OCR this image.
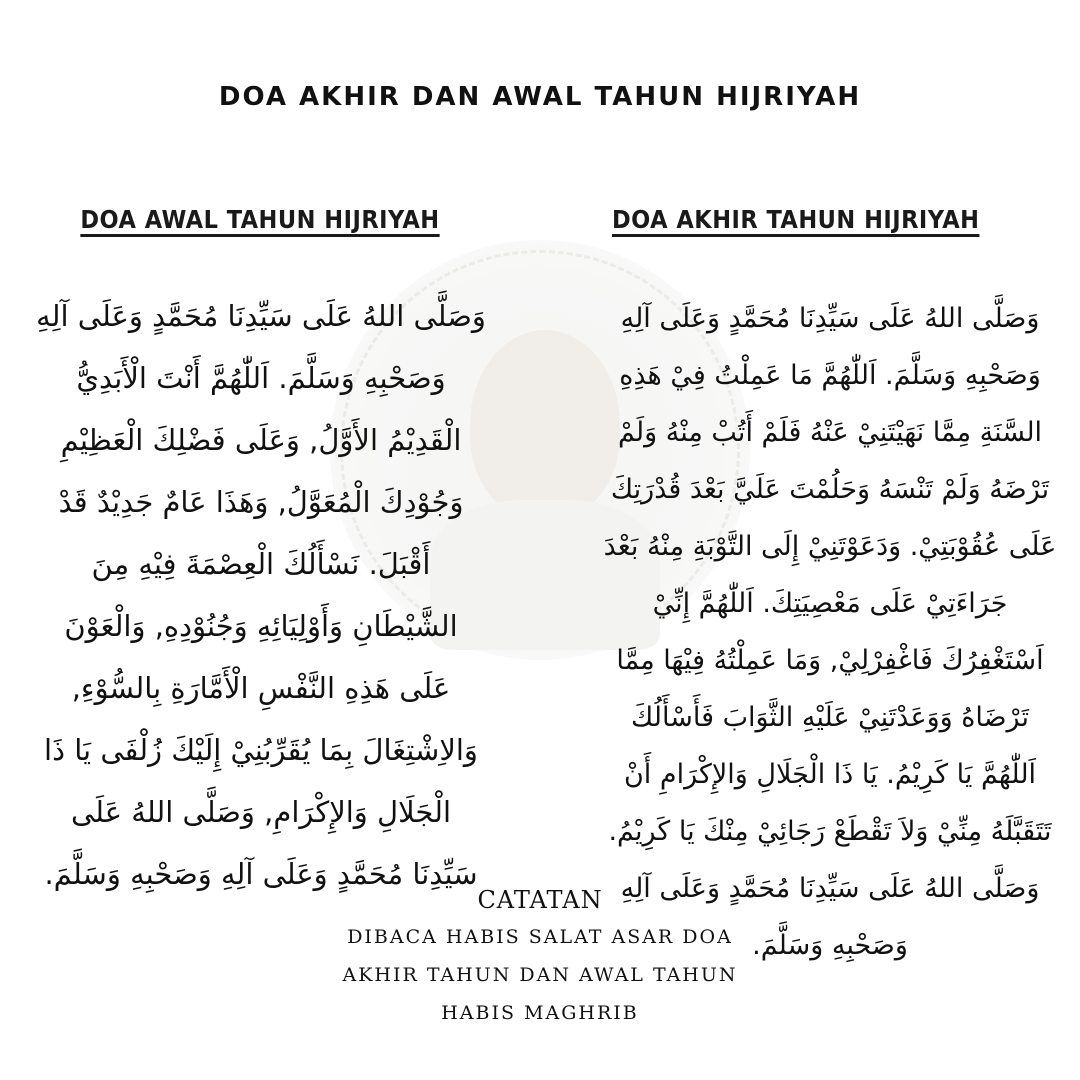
DOA AKHIR DAN AWAL TAHUN HIJRIYAH
DOA AWAL TAHUN HIJRIYAH	DOA AKHIR TAHUN HIJRIYAH
وَصَلَّى اللهُ عَلَى سَيِّدِنَا مُحَمَّدٍ وَعَلَى آلِهِ وَصَحْبِهِ وَسَلَّمَ. اَللّٰهُمَّ أَنْتَ الْأَبَدِيُّ الْقَدِيْمُ الأَوَّلُ, وَعَلَى فَضْلِكَ الْعَظِيْمِ وَجُوْدِكَ الْمُعَوَّلُ, وَهَذَا عَامٌ جَدِيْدٌ قَدْ أَقْبَلَ. نَسْأَلُكَ الْعِصْمَةَ فِيْهِ مِنَ الشَّيْطَانِ وَأَوْلِيَائِهِ وَجُنُوْدِهِ, وَالْعَوْنَ عَلَى هَذِهِ النَّفْسِ الْأَمَّارَةِ بِالسُّوْءِ, وَالاِشْتِغَالَ بِمَا يُقَرِّبُنِيْ إِلَيْكَ زُلْفَى يَا ذَا الْجَلَالِ وَالإِكْرَامِ, وَصَلَّى اللهُ عَلَى سَيِّدِنَا مُحَمَّدٍ وَعَلَى آلِهِ وَصَحْبِهِ وَسَلَّمَ.
وَصَلَّى اللهُ عَلَى سَيِّدِنَا مُحَمَّدٍ وَعَلَى آلِهِ وَصَحْبِهِ وَسَلَّمَ. اَللّٰهُمَّ مَا عَمِلْتُ فِيْ هَذِهِ السَّنَةِ مِمَّا نَهَيْتَنِيْ عَنْهُ فَلَمْ أَتُبْ مِنْهُ وَلَمْ تَرْضَهُ وَلَمْ تَنْسَهُ وَحَلُمْتَ عَلَيَّ بَعْدَ قُدْرَتِكَ عَلَى عُقُوْبَتِيْ. وَدَعَوْتَنِيْ إِلَى التَّوْبَةِ مِنْهُ بَعْدَ جَرَاءَتِيْ عَلَى مَعْصِيَتِكَ. اَللّٰهُمَّ إِنِّيْ اَسْتَغْفِرُكَ فَاغْفِرْلِيْ, وَمَا عَمِلْتُهُ فِيْهَا مِمَّا تَرْضَاهُ وَوَعَدْتَنِيْ عَلَيْهِ الثَّوَابَ فَأَسْأَلُكَ اَللّٰهُمَّ يَا كَرِيْمُ. يَا ذَا الْجَلَالِ وَالإِكْرَامِ أَنْ تَتَقَبَّلَهُ مِنِّيْ وَلاَ تَقْطَعْ رَجَائِيْ مِنْكَ يَا كَرِيْمُ. وَصَلَّى اللهُ عَلَى سَيِّدِنَا مُحَمَّدٍ وَعَلَى آلِهِ وَصَحْبِهِ وَسَلَّمَ.
CATATAN
DIBACA HABIS SALAT ASAR DOA
AKHIR TAHUN DAN AWAL TAHUN
HABIS MAGHRIB
